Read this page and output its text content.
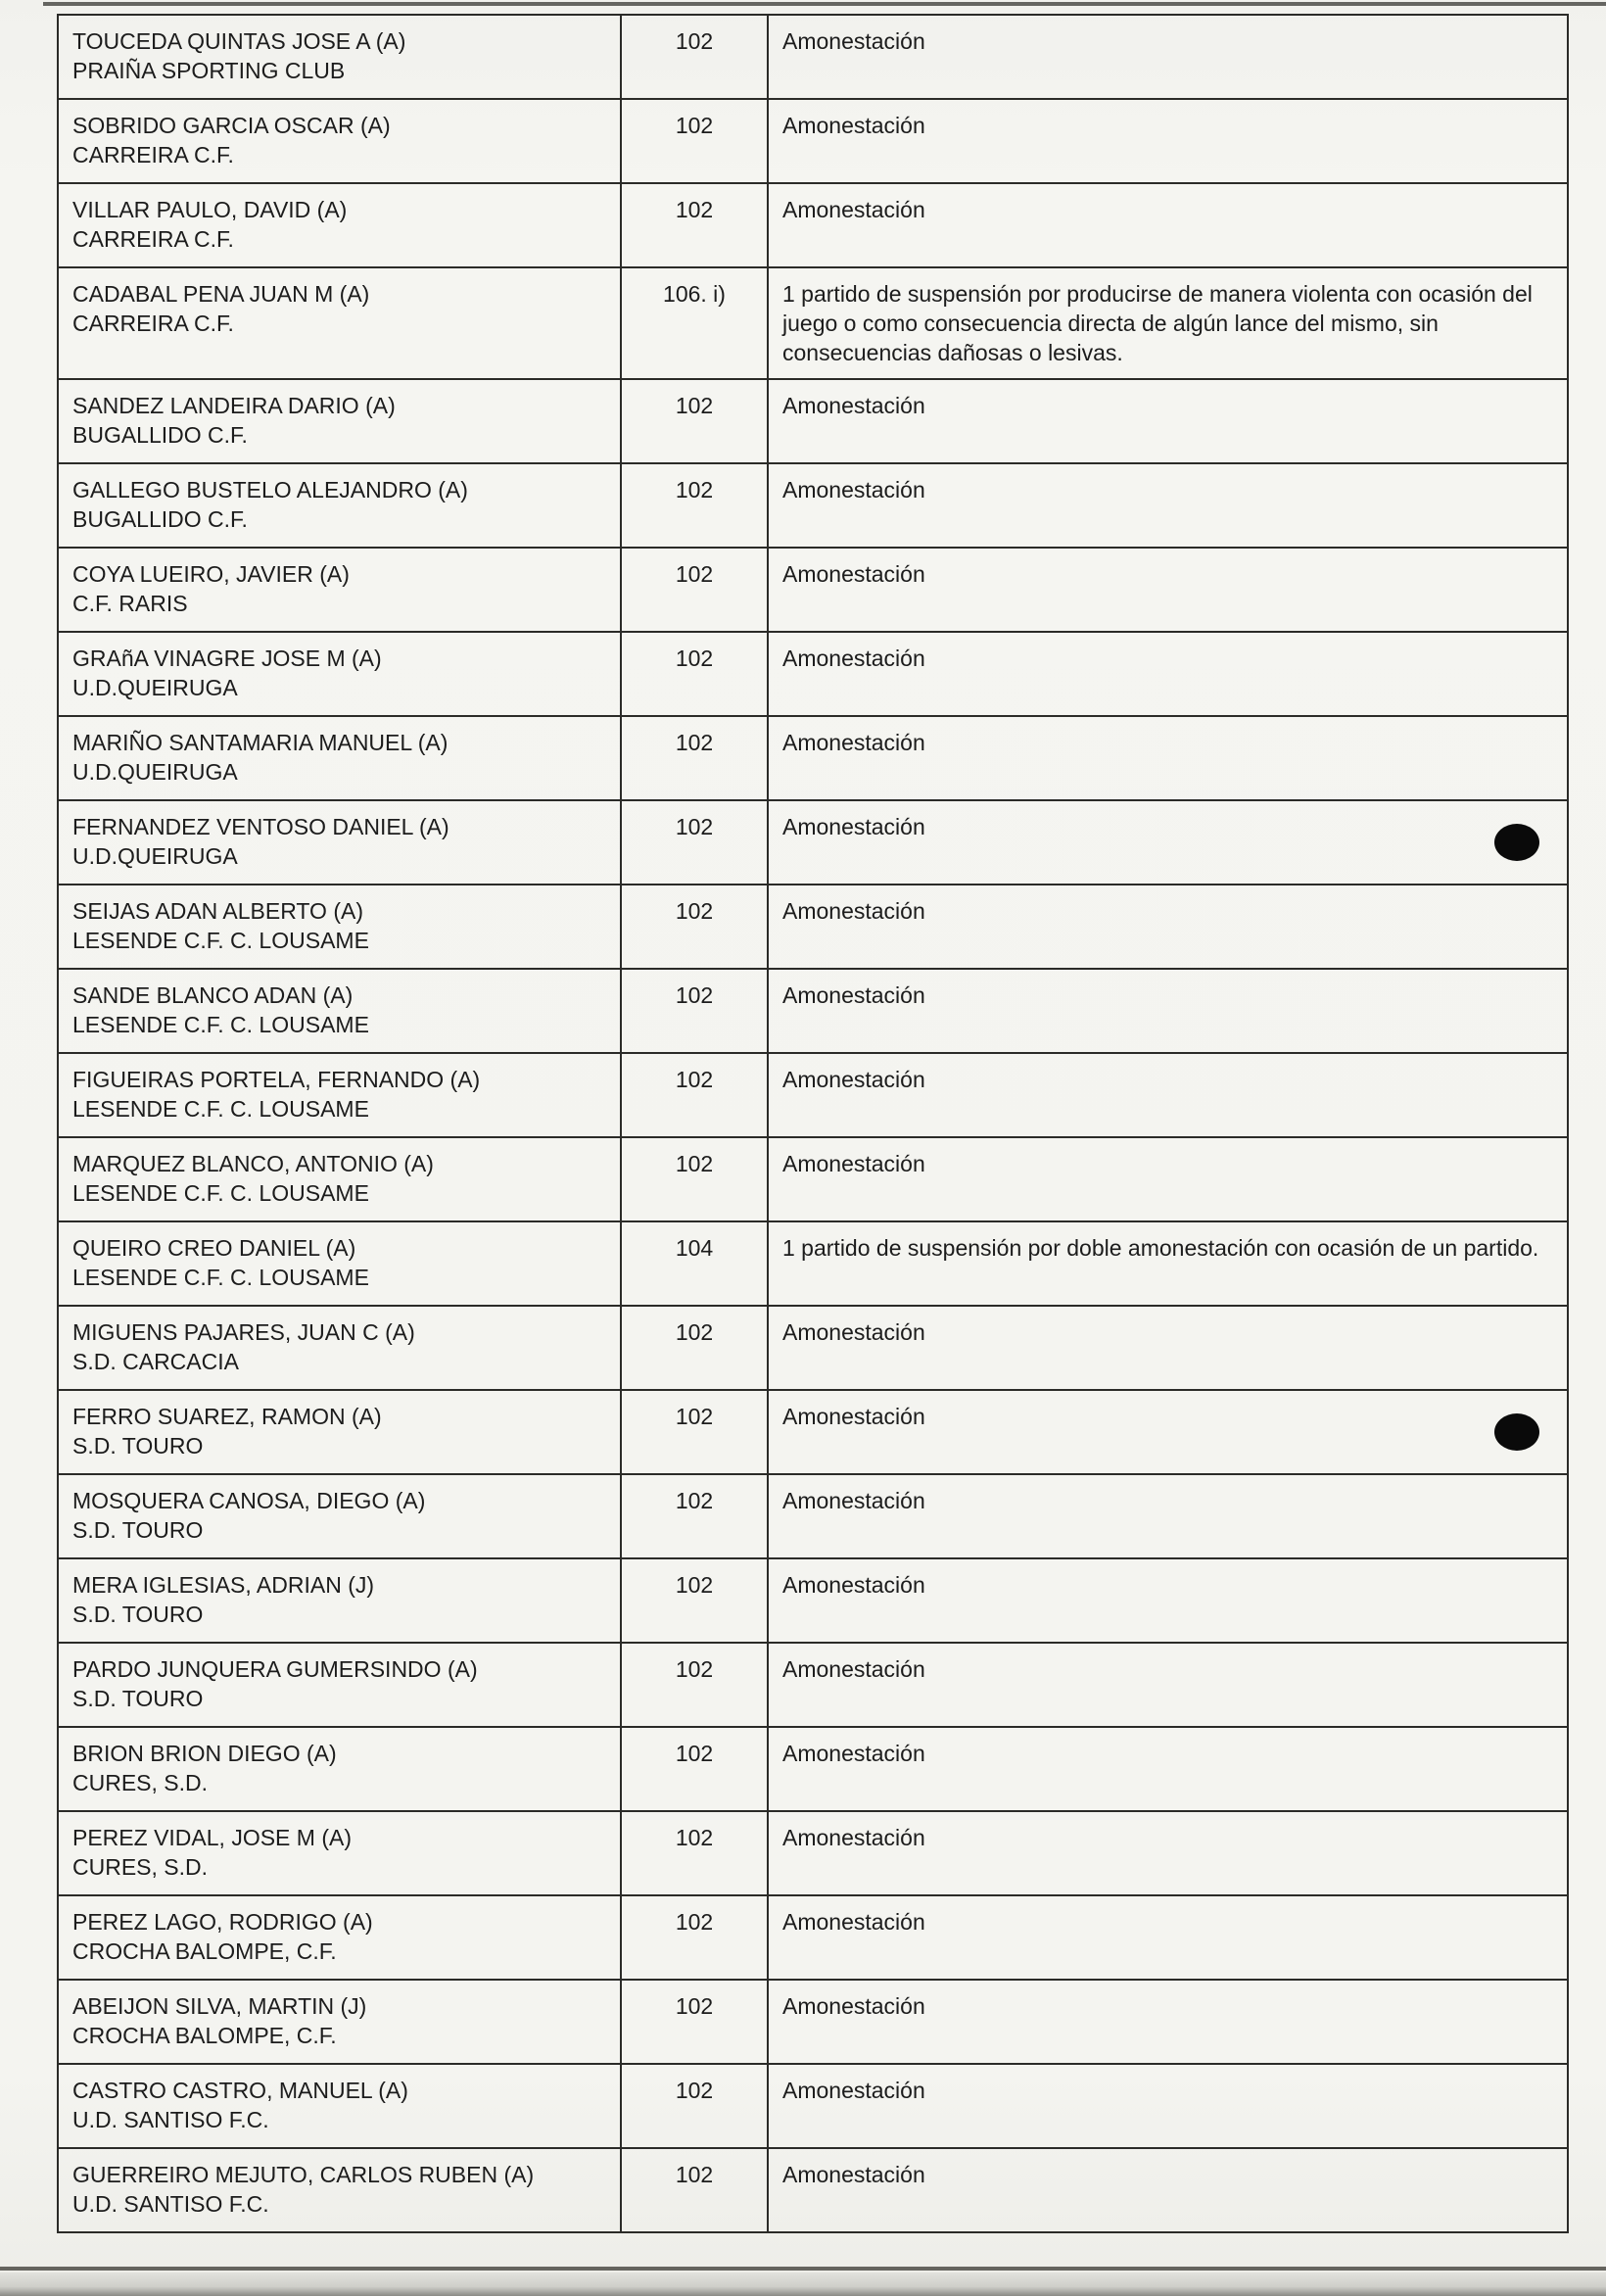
TOUCEDA QUINTAS JOSE A (A)
PRAIÑA SPORTING CLUB	102	Amonestación

SOBRIDO GARCIA OSCAR (A)
CARREIRA C.F.	102	Amonestación

VILLAR PAULO, DAVID (A)
CARREIRA C.F.	102	Amonestación

CADABAL PENA JUAN M (A)
CARREIRA C.F.	106. i)	1 partido de suspensión por producirse de manera violenta con ocasión del juego o como consecuencia directa de algún lance del mismo, sin consecuencias dañosas o lesivas.

SANDEZ LANDEIRA DARIO (A)
BUGALLIDO C.F.	102	Amonestación

GALLEGO BUSTELO ALEJANDRO (A)
BUGALLIDO C.F.	102	Amonestación

COYA LUEIRO, JAVIER (A)
C.F. RARIS	102	Amonestación

GRAñA VINAGRE JOSE M (A)
U.D.QUEIRUGA	102	Amonestación

MARIÑO SANTAMARIA MANUEL (A)
U.D.QUEIRUGA	102	Amonestación

FERNANDEZ VENTOSO DANIEL (A)
U.D.QUEIRUGA	102	Amonestación

SEIJAS ADAN ALBERTO (A)
LESENDE C.F. C. LOUSAME	102	Amonestación

SANDE BLANCO ADAN (A)
LESENDE C.F. C. LOUSAME	102	Amonestación

FIGUEIRAS PORTELA, FERNANDO (A)
LESENDE C.F. C. LOUSAME	102	Amonestación

MARQUEZ BLANCO, ANTONIO (A)
LESENDE C.F. C. LOUSAME	102	Amonestación

QUEIRO CREO DANIEL (A)
LESENDE C.F. C. LOUSAME	104	1 partido de suspensión por doble amonestación con ocasión de un partido.

MIGUENS PAJARES, JUAN C (A)
S.D. CARCACIA	102	Amonestación

FERRO SUAREZ, RAMON (A)
S.D. TOURO	102	Amonestación

MOSQUERA CANOSA, DIEGO (A)
S.D. TOURO	102	Amonestación

MERA IGLESIAS, ADRIAN (J)
S.D. TOURO	102	Amonestación

PARDO JUNQUERA GUMERSINDO (A)
S.D. TOURO	102	Amonestación

BRION BRION DIEGO (A)
CURES, S.D.	102	Amonestación

PEREZ VIDAL, JOSE M (A)
CURES, S.D.	102	Amonestación

PEREZ LAGO, RODRIGO (A)
CROCHA BALOMPE, C.F.	102	Amonestación

ABEIJON SILVA, MARTIN (J)
CROCHA BALOMPE, C.F.	102	Amonestación

CASTRO CASTRO, MANUEL (A)
U.D. SANTISO F.C.	102	Amonestación

GUERREIRO MEJUTO, CARLOS RUBEN (A)
U.D. SANTISO F.C.	102	Amonestación
